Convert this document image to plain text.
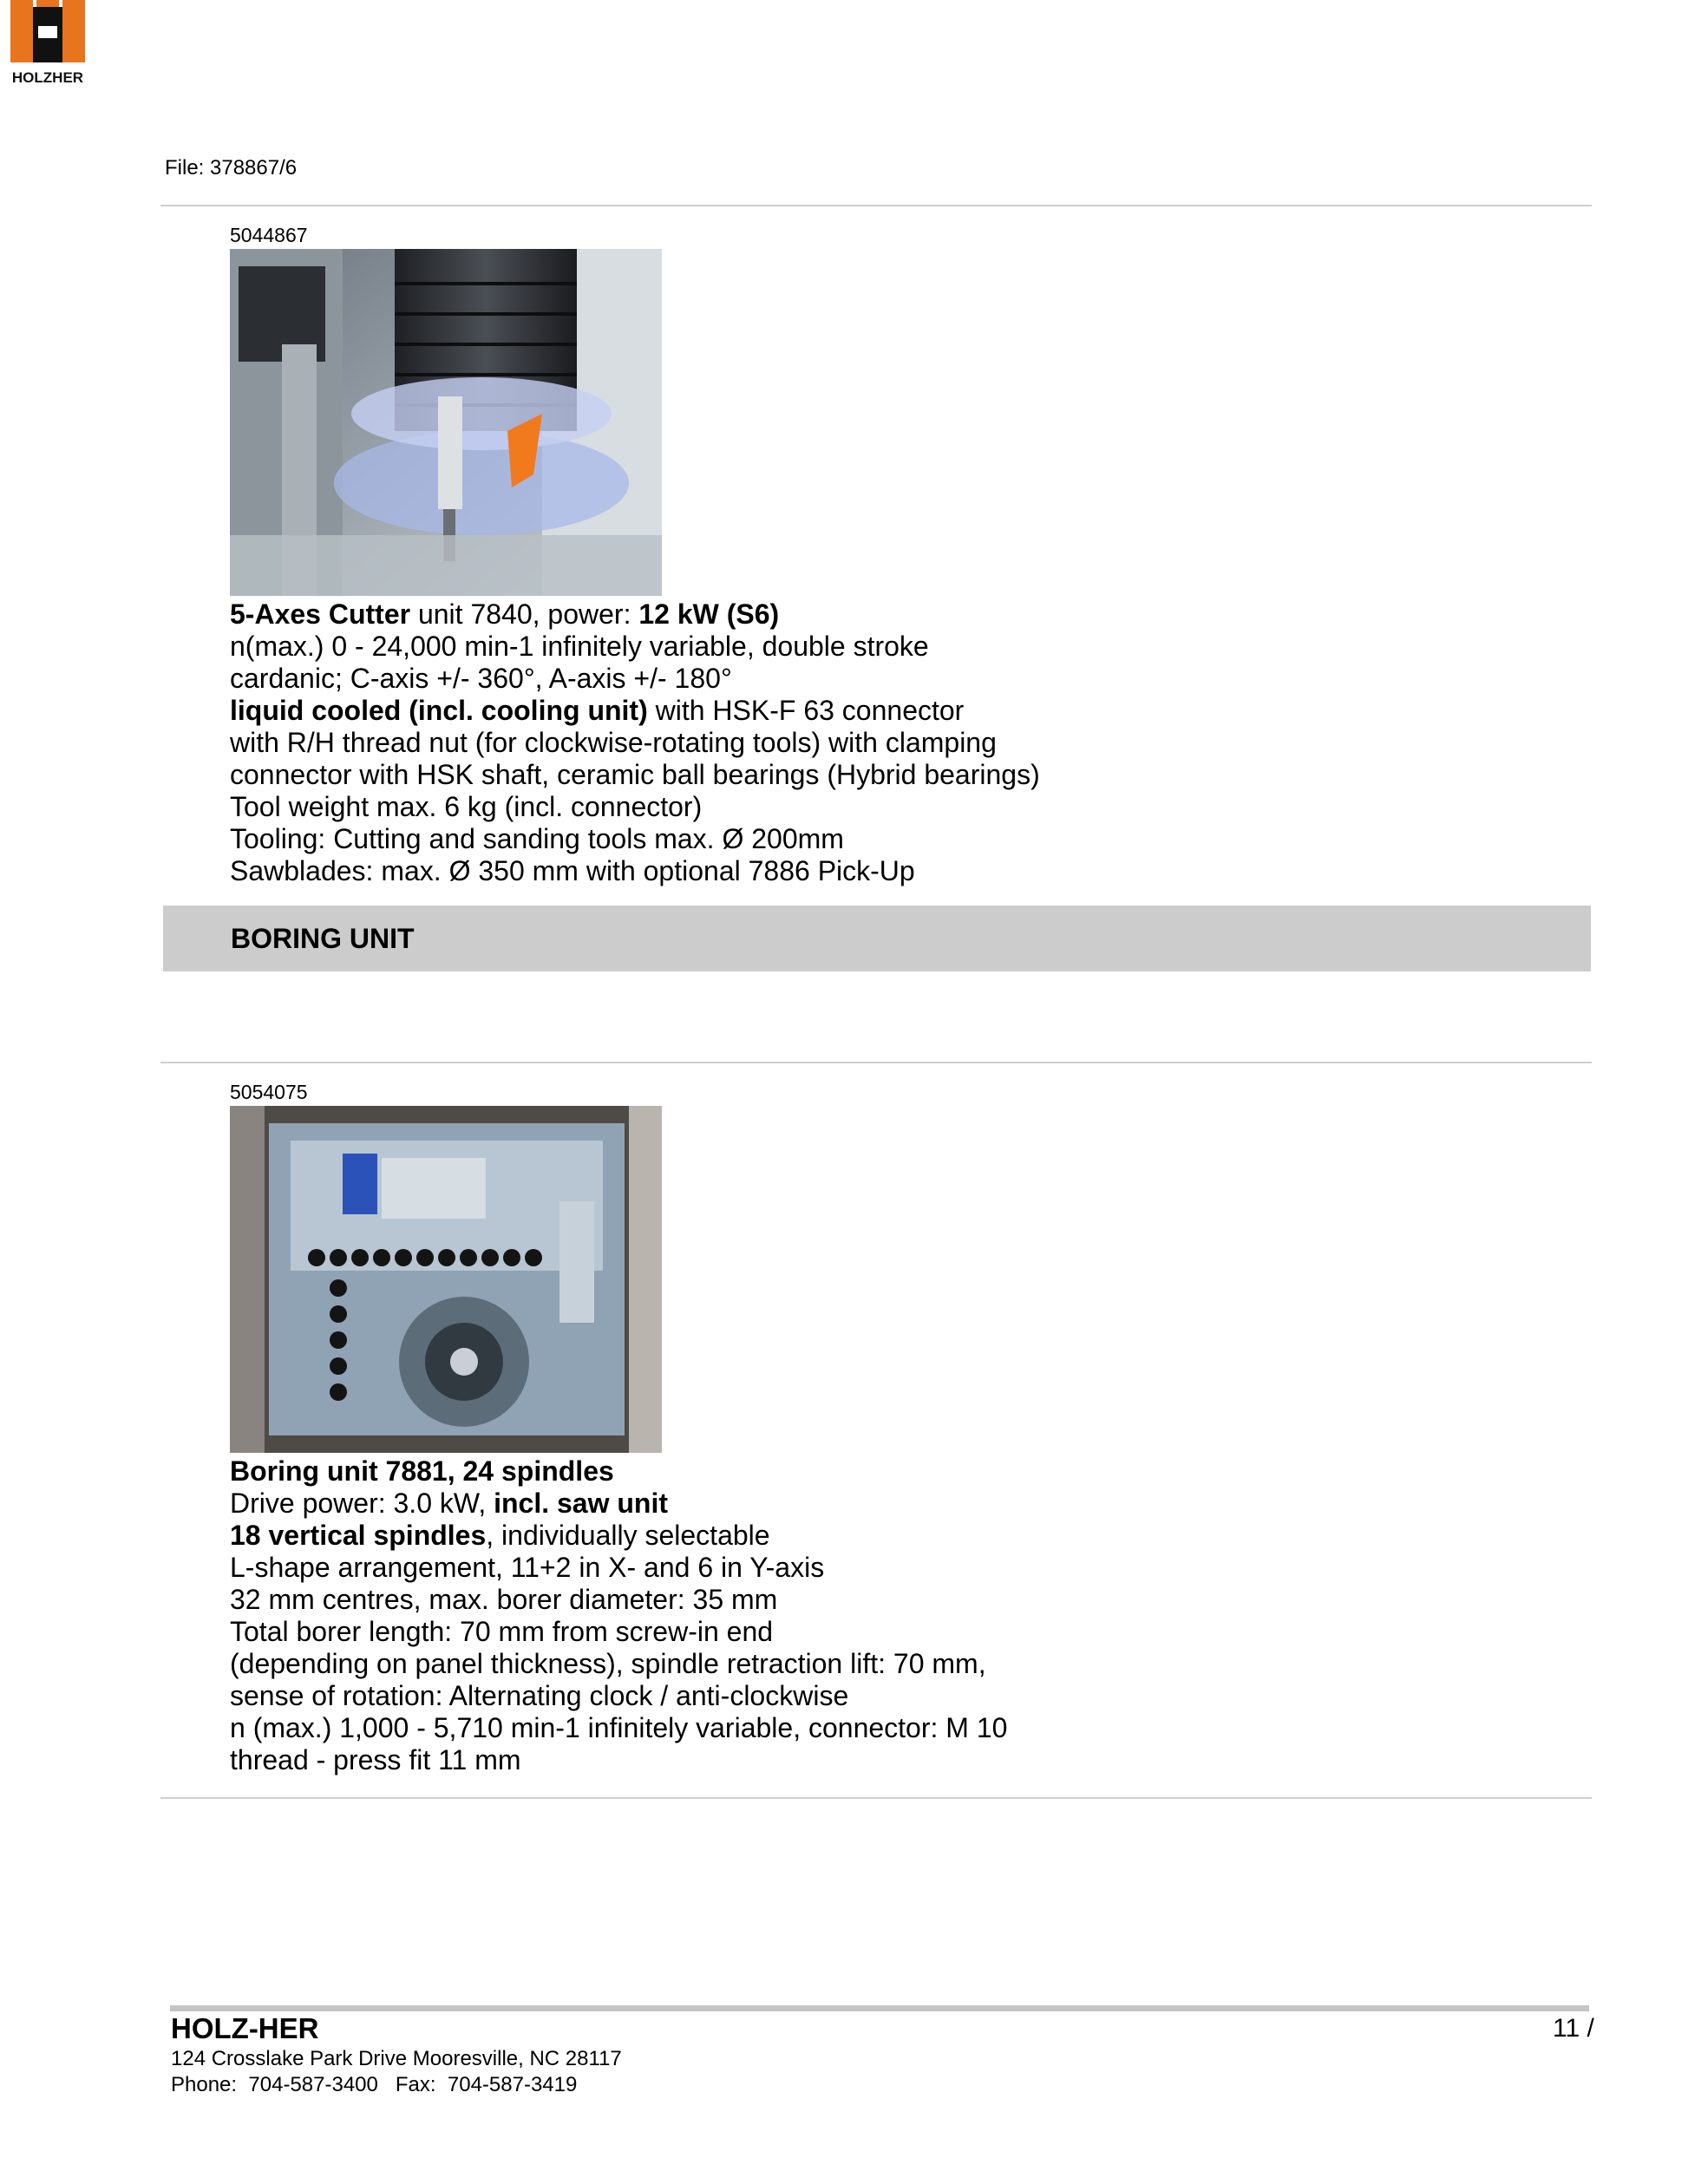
File: 378867/6
HOLZHER
5044867
5-Axes Cutter unit 7840, power: 12 kW (S6)
n(max.) 0 - 24,000 min-1 infinitely variable, double stroke
cardanic; C-axis +/- 360°, A-axis +/- 180°
liquid cooled (incl. cooling unit) with HSK-F 63 connector
with R/H thread nut (for clockwise-rotating tools) with clamping
connector with HSK shaft, ceramic ball bearings (Hybrid bearings)
Tool weight max. 6 kg (incl. connector)
Tooling: Cutting and sanding tools max. Ø 200mm
Sawblades: max. Ø 350 mm with optional 7886 Pick-Up
BORING UNIT
5054075
Boring unit 7881, 24 spindles
Drive power: 3.0 kW, incl. saw unit
18 vertical spindles, individually selectable
L-shape arrangement, 11+2 in X- and 6 in Y-axis
32 mm centres, max. borer diameter: 35 mm
Total borer length: 70 mm from screw-in end
(depending on panel thickness), spindle retraction lift: 70 mm,
sense of rotation: Alternating clock / anti-clockwise
n (max.) 1,000 - 5,710 min-1 infinitely variable, connector: M 10
thread - press fit 11 mm
HOLZ-HER	11 /
124 Crosslake Park Drive Mooresville, NC 28117
Phone:  704-587-3400   Fax:  704-587-3419
